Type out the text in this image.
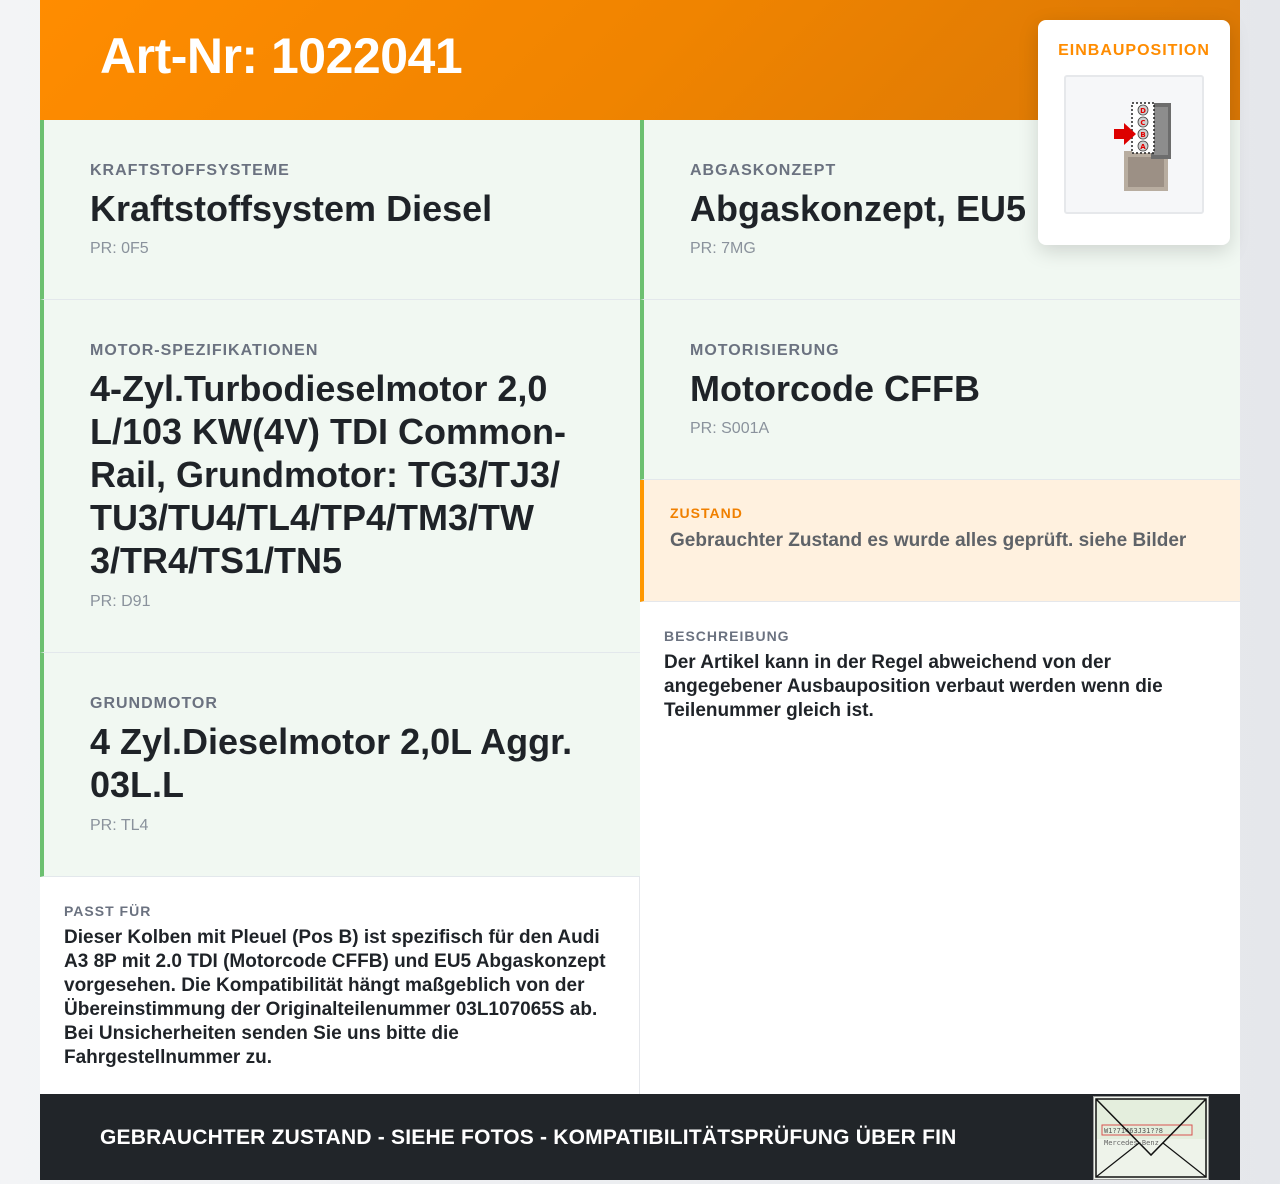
Art-Nr: 1022041
KRAFTSTOFFSYSTEME
Kraftstoffsystem Diesel
PR: 0F5
MOTOR-SPEZIFIKATIONEN
4-Zyl.Turbodieselmotor 2,0 L/103 KW(4V) TDI Common-Rail, Grundmotor: TG3/TJ3/ TU3/TU4/TL4/TP4/TM3/TW 3/TR4/TS1/TN5
PR: D91
GRUNDMOTOR
4 Zyl.Dieselmotor 2,0L Aggr. 03L.L
PR: TL4
PASST FÜR
Dieser Kolben mit Pleuel (Pos B) ist spezifisch für den Audi A3 8P mit 2.0 TDI (Motorcode CFFB) und EU5 Abgaskonzept vorgesehen. Die Kompatibilität hängt maßgeblich von der Übereinstimmung der Originalteilenummer 03L107065S ab. Bei Unsicherheiten senden Sie uns bitte die Fahrgestellnummer zu.
ABGASKONZEPT
Abgaskonzept, EU5
PR: 7MG
MOTORISIERUNG
Motorcode CFFB
PR: S001A
ZUSTAND
Gebrauchter Zustand es wurde alles geprüft. siehe Bilder
BESCHREIBUNG
Der Artikel kann in der Regel abweichend von der angegebener Ausbauposition verbaut werden wenn die Teilenummer gleich ist.
EINBAUPOSITION
D
C
B
A
GEBRAUCHTER ZUSTAND - SIEHE FOTOS - KOMPATIBILITÄTSPRÜFUNG ÜBER FIN	W1?71463J31??8
Mercedes-Benz
